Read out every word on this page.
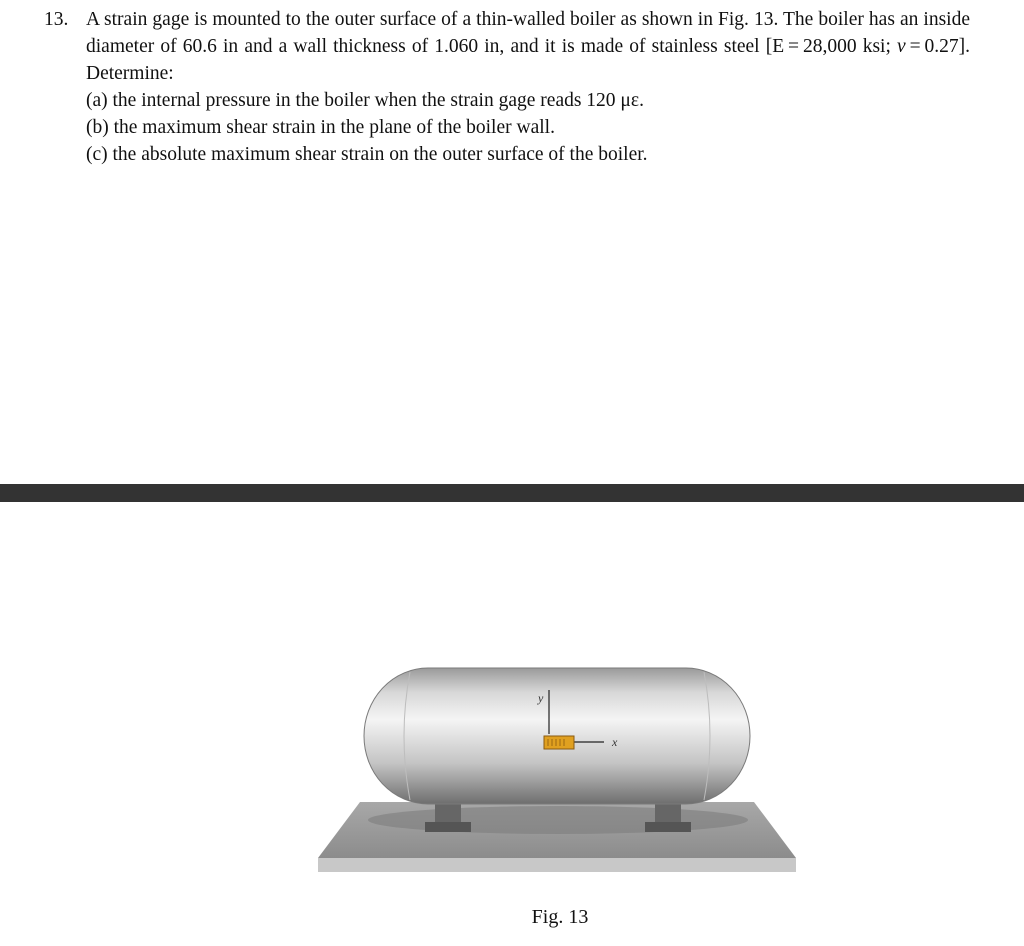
13. A strain gage is mounted to the outer surface of a thin-walled boiler as shown in Fig. 13. The boiler has an inside diameter of 60.6 in and a wall thickness of 1.060 in, and it is made of stainless steel [E = 28,000 ksi; ν = 0.27]. Determine:
(a) the internal pressure in the boiler when the strain gage reads 120 με.
(b) the maximum shear strain in the plane of the boiler wall.
(c) the absolute maximum shear strain on the outer surface of the boiler.
y
x
Fig. 13
